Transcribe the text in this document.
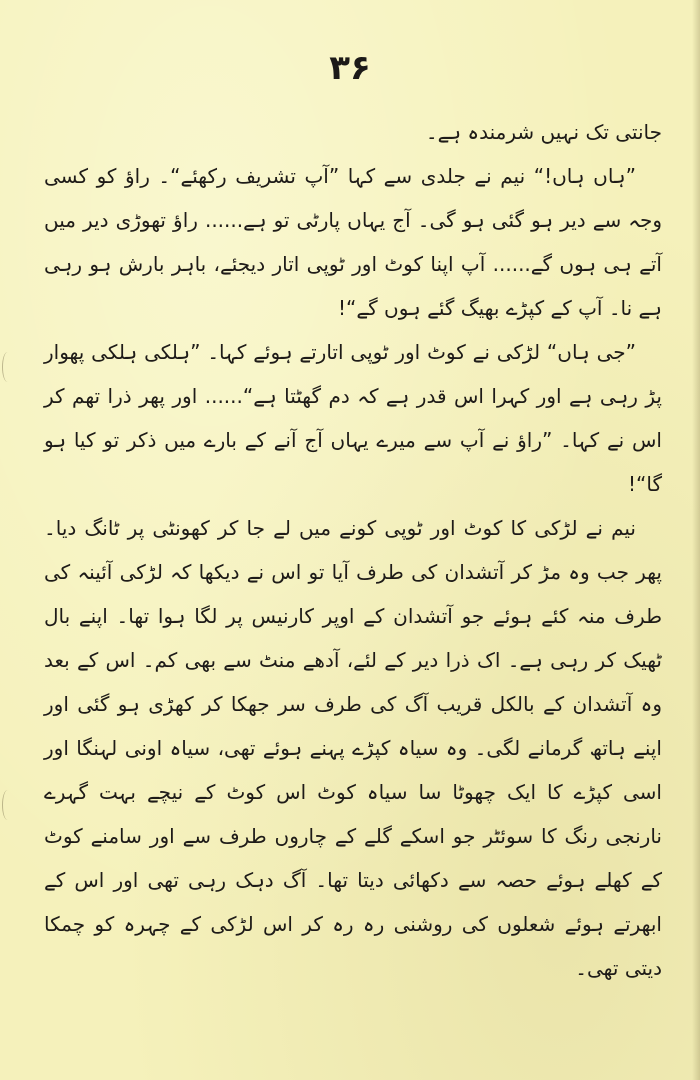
۳۶

جانتی تک نہیں شرمندہ ہے۔

”ہاں ہاں!“ نیم نے جلدی سے کہا ”آپ تشریف رکھئے“۔ راؤ کو کسی وجہ سے دیر ہو گئی ہو گی۔ آج یہاں پارٹی تو ہے...... راؤ تھوڑی دیر میں آتے ہی ہوں گے...... آپ اپنا کوٹ اور ٹوپی اتار دیجئے، باہر بارش ہو رہی ہے نا۔ آپ کے کپڑے بھیگ گئے ہوں گے“!

”جی ہاں“ لڑکی نے کوٹ اور ٹوپی اتارتے ہوئے کہا۔ ”ہلکی ہلکی پھوار پڑ رہی ہے اور کہرا اس قدر ہے کہ دم گھٹتا ہے“...... اور پھر ذرا تھم کر اس نے کہا۔ ”راؤ نے آپ سے میرے یہاں آج آنے کے بارے میں ذکر تو کیا ہو گا“!

نیم نے لڑکی کا کوٹ اور ٹوپی کونے میں لے جا کر کھونٹی پر ٹانگ دیا۔ پھر جب وہ مڑ کر آتشدان کی طرف آیا تو اس نے دیکھا کہ لڑکی آئینہ کی طرف منہ کئے ہوئے جو آتشدان کے اوپر کارنیس پر لگا ہوا تھا۔ اپنے بال ٹھیک کر رہی ہے۔ اک ذرا دیر کے لئے، آدھے منٹ سے بھی کم۔ اس کے بعد وہ آتشدان کے بالکل قریب آگ کی طرف سر جھکا کر کھڑی ہو گئی اور اپنے ہاتھ گرمانے لگی۔ وہ سیاہ کپڑے پہنے ہوئے تھی، سیاہ اونی لہنگا اور اسی کپڑے کا ایک چھوٹا سا سیاہ کوٹ اس کوٹ کے نیچے بہت گہرے نارنجی رنگ کا سوئٹر جو اسکے گلے کے چاروں طرف سے اور سامنے کوٹ کے کھلے ہوئے حصہ سے دکھائی دیتا تھا۔ آگ دہک رہی تھی اور اس کے ابھرتے ہوئے شعلوں کی روشنی رہ رہ کر اس لڑکی کے چہرہ کو چمکا دیتی تھی۔
